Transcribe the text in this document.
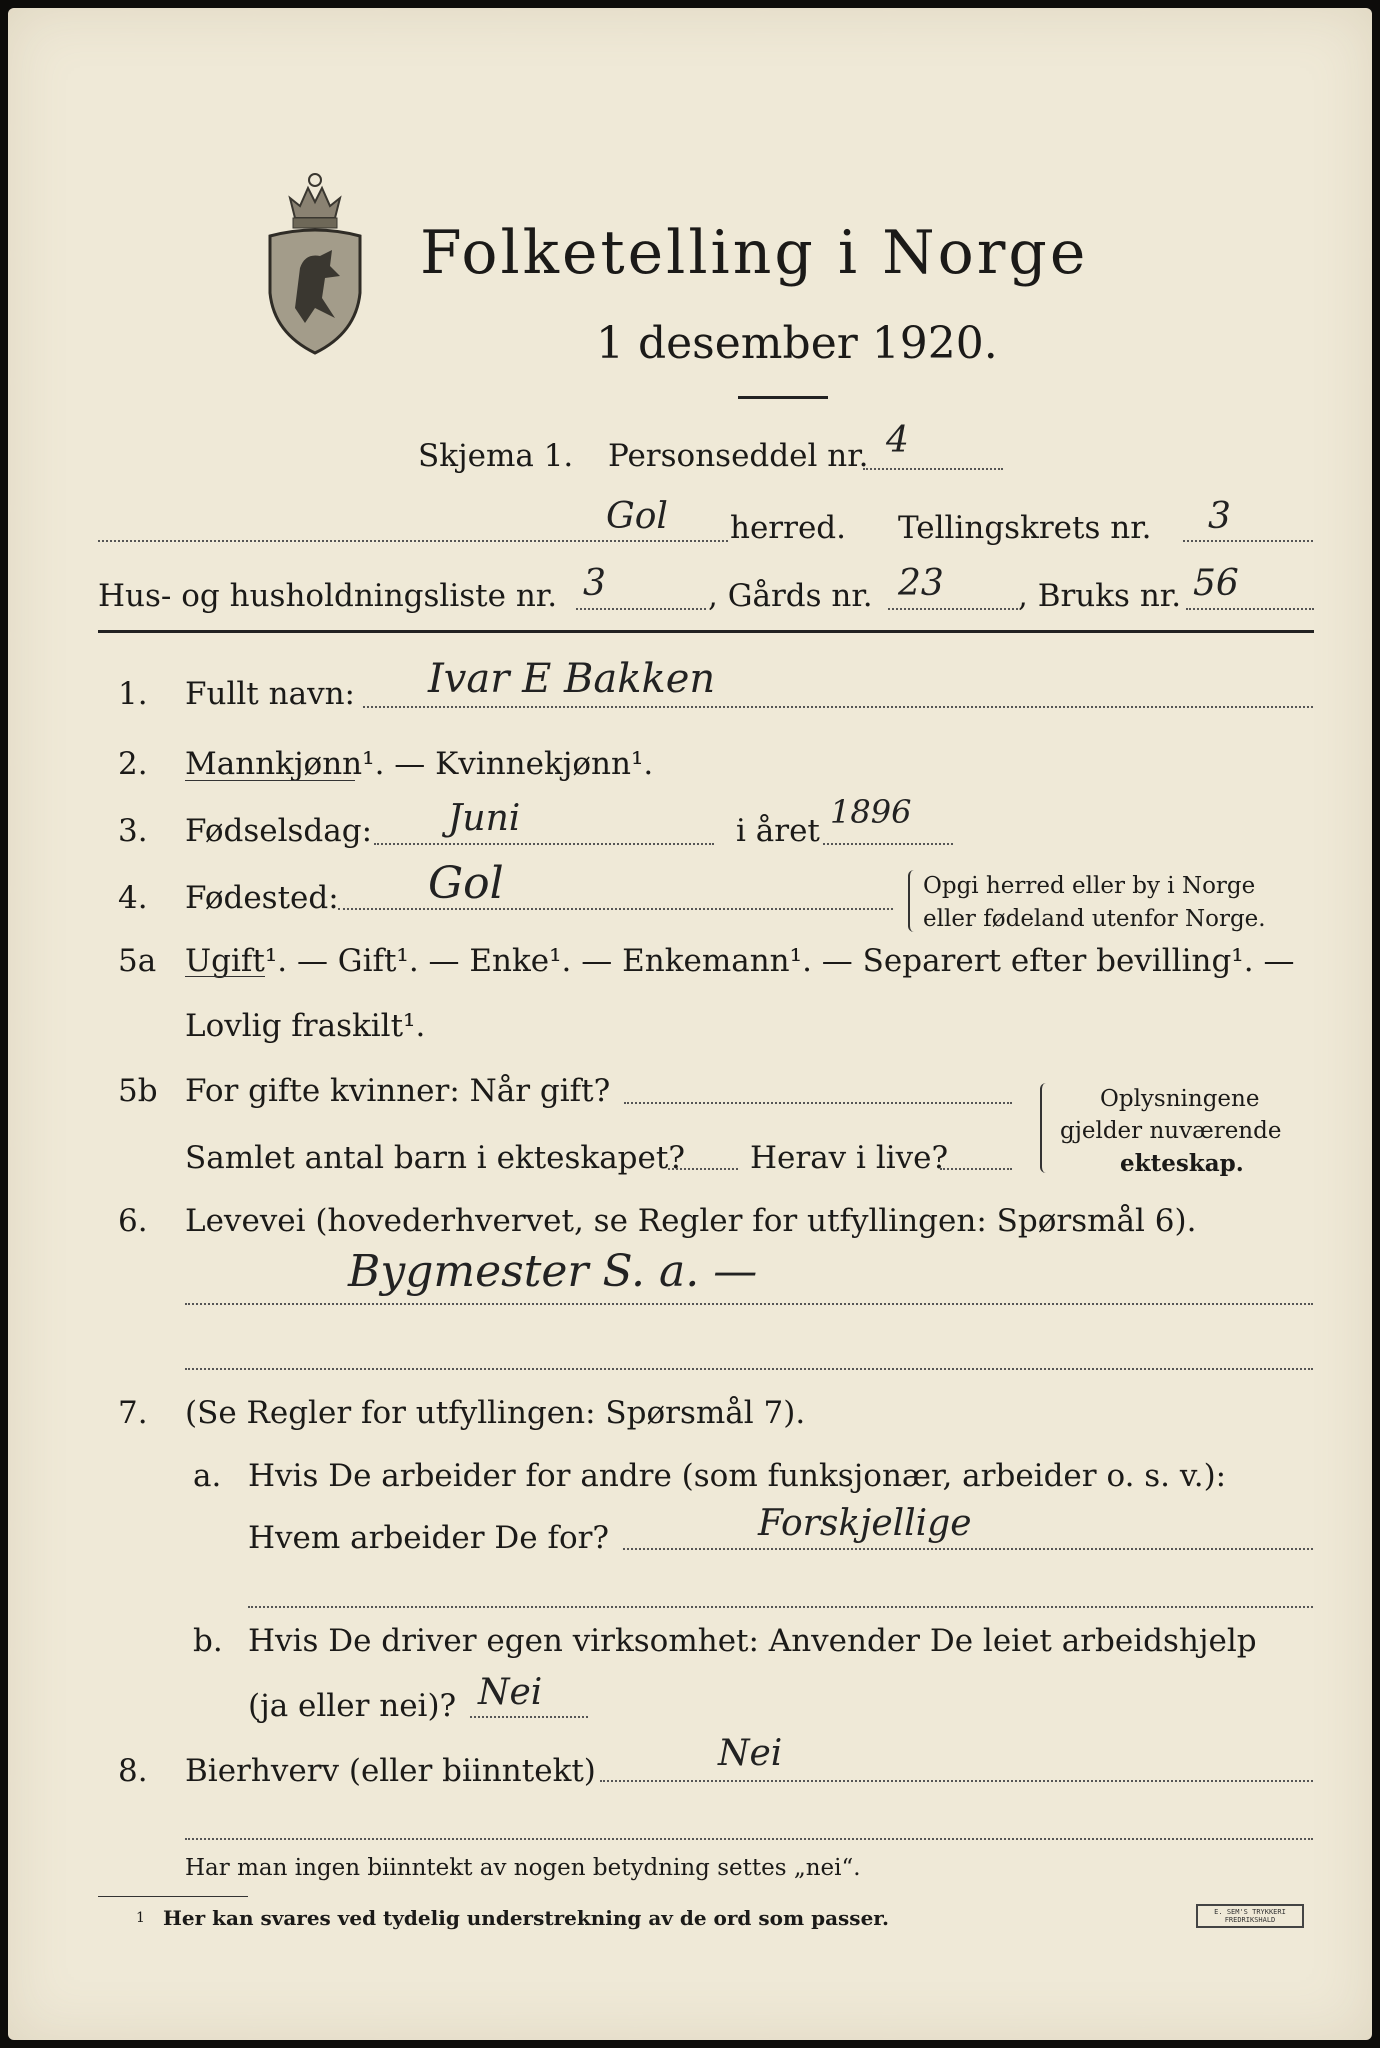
Folketelling i Norge
1 desember 1920.
Skjema 1. Personseddel nr. 4
Gol herred. Tellingskrets nr. 3
Hus- og husholdningsliste nr. 3	, Gårds nr. 23 , Bruks nr. 56
1. Fullt navn: Ivar E Bakken
2. Mannkjønn¹. — Kvinnekjønn¹.
3. Fødselsdag: Juni	i året 1896
4. Fødested: Gol	Opgi herred eller by i Norge
eller fødeland utenfor Norge.
5a Ugift¹. — Gift¹. — Enke¹. — Enkemann¹. — Separert efter bevilling¹. —
Lovlig fraskilt¹.
5b For gifte kvinner: Når gift?
Samlet antal barn i ekteskapet? Herav i live?
Oplysningene
gjelder nuværende
ekteskap.
6. Levevei (hovederhvervet, se Regler for utfyllingen: Spørsmål 6).
Bygmester S. a. —
7. (Se Regler for utfyllingen: Spørsmål 7).
a. Hvis De arbeider for andre (som funksjonær, arbeider o. s. v.):
Hvem arbeider De for?	Forskjellige
b. Hvis De driver egen virksomhet: Anvender De leiet arbeidshjelp
(ja eller nei)? Nei
8. Bierhverv (eller biinntekt)	Nei
Har man ingen biinntekt av nogen betydning settes „nei“.
1 Her kan svares ved tydelig understrekning av de ord som passer.	E. SEM'S TRYKKERI FREDRIKSHALD
